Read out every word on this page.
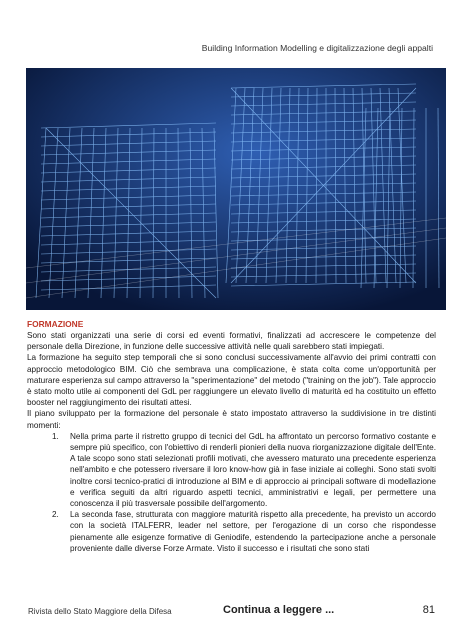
Building Information Modelling e digitalizzazione degli appalti
FORMAZIONE

Sono stati organizzati una serie di corsi ed eventi formativi, finalizzati ad accrescere le competenze del personale della Direzione, in funzione delle successive attività nelle quali sarebbero stati impiegati.

La formazione ha seguito step temporali che si sono conclusi successivamente all'avvio dei primi contratti con approccio metodologico BIM. Ciò che sembrava una complicazione, è stata colta come un'opportunità per maturare esperienza sul campo attraverso la "sperimentazione" del metodo ("training on the job"). Tale approccio è stato molto utile ai componenti del GdL per raggiungere un elevato livello di maturità ed ha costituito un effetto booster nel raggiungimento dei risultati attesi.

Il piano sviluppato per la formazione del personale è stato impostato attraverso la suddivisione in tre distinti momenti:

1. Nella prima parte il ristretto gruppo di tecnici del GdL ha affrontato un percorso formativo costante e sempre più specifico, con l'obiettivo di renderli pionieri della nuova riorganizzazione digitale dell'Ente. A tale scopo sono stati selezionati profili motivati, che avessero maturato una precedente esperienza nell'ambito e che potessero riversare il loro know-how già in fase iniziale ai colleghi. Sono stati svolti inoltre corsi tecnico-pratici di introduzione al BIM e di approccio ai principali software di modellazione e verifica seguiti da altri riguardo aspetti tecnici, amministrativi e legali, per permettere una conoscenza il più trasversale possibile dell'argomento.
2. La seconda fase, strutturata con maggiore maturità rispetto alla precedente, ha previsto un accordo con la società ITALFERR, leader nel settore, per l'erogazione di un corso che rispondesse pienamente alle esigenze formative di Geniodife, estendendo la partecipazione anche a personale proveniente dalle diverse Forze Armate. Visto il successo e i risultati che sono stati
Rivista dello Stato Maggiore della Difesa	Continua a leggere ...	81
